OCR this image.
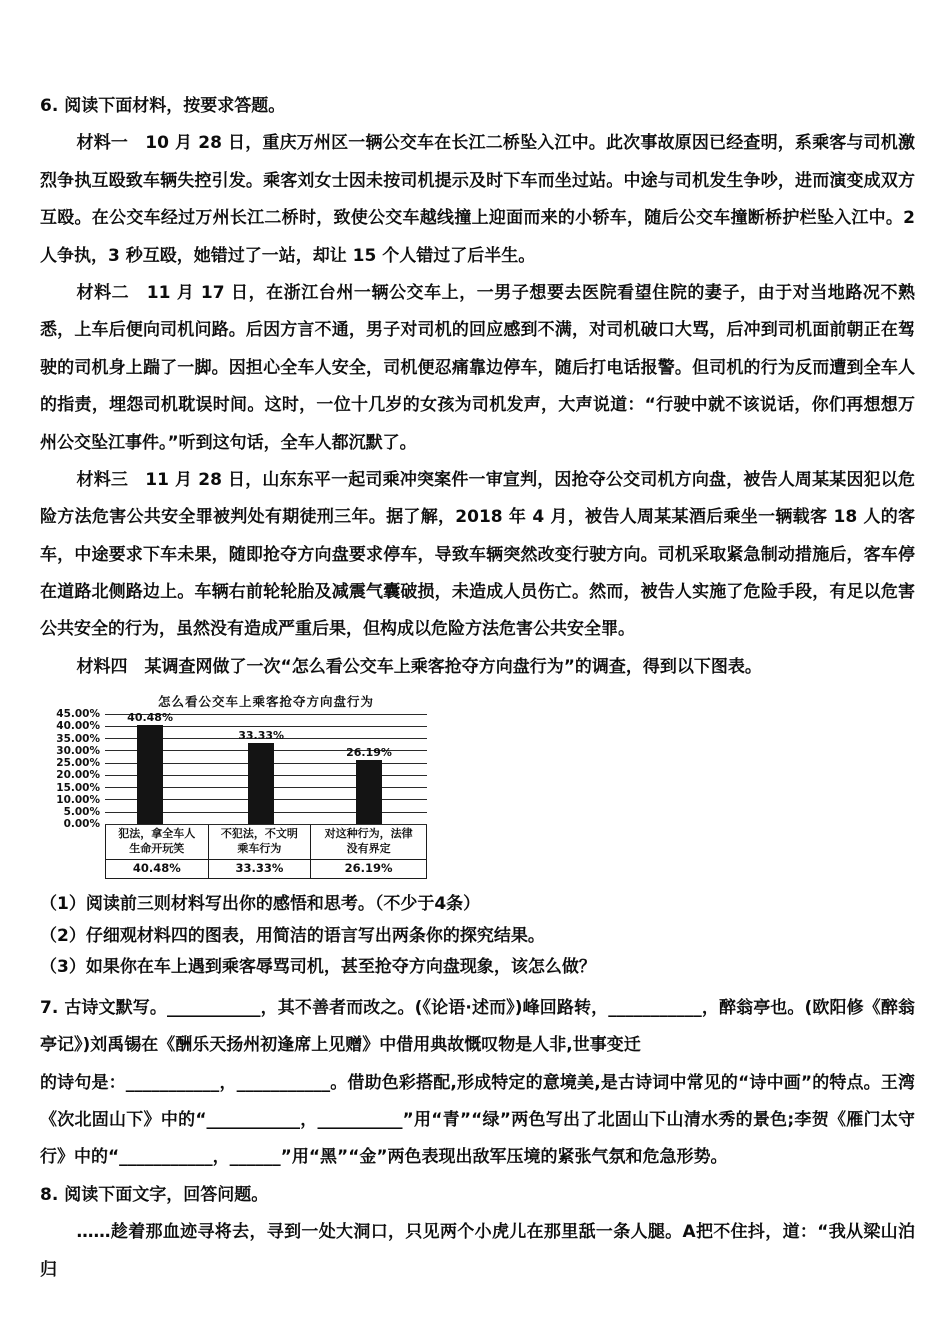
6. 阅读下面材料，按要求答题。

材料一　10 月 28 日，重庆万州区一辆公交车在长江二桥坠入江中。此次事故原因已经查明，系乘客与司机激烈争执互殴致车辆失控引发。乘客刘女士因未按司机提示及时下车而坐过站。中途与司机发生争吵，进而演变成双方互殴。在公交车经过万州长江二桥时，致使公交车越线撞上迎面而来的小轿车，随后公交车撞断桥护栏坠入江中。2 人争执，3 秒互殴，她错过了一站，却让 15 个人错过了后半生。

材料二　11 月 17 日，在浙江台州一辆公交车上，一男子想要去医院看望住院的妻子，由于对当地路况不熟悉，上车后便向司机问路。后因方言不通，男子对司机的回应感到不满，对司机破口大骂，后冲到司机面前朝正在驾驶的司机身上踹了一脚。因担心全车人安全，司机便忍痛靠边停车，随后打电话报警。但司机的行为反而遭到全车人的指责，埋怨司机耽误时间。这时，一位十几岁的女孩为司机发声，大声说道：“行驶中就不该说话，你们再想想万州公交坠江事件。”听到这句话，全车人都沉默了。

材料三　11 月 28 日，山东东平一起司乘冲突案件一审宣判，因抢夺公交司机方向盘，被告人周某某因犯以危险方法危害公共安全罪被判处有期徒刑三年。据了解，2018 年 4 月，被告人周某某酒后乘坐一辆载客 18 人的客车，中途要求下车未果，随即抢夺方向盘要求停车，导致车辆突然改变行驶方向。司机采取紧急制动措施后，客车停在道路北侧路边上。车辆右前轮轮胎及减震气囊破损，未造成人员伤亡。然而，被告人实施了危险手段，有足以危害公共安全的行为，虽然没有造成严重后果，但构成以危险方法危害公共安全罪。

材料四　某调查网做了一次“怎么看公交车上乘客抢夺方向盘行为”的调查，得到以下图表。

怎么看公交车上乘客抢夺方向盘行为
45.00%
40.00%
35.00%
30.00%
25.00%
20.00%
15.00%
10.00%
5.00%
0.00%
40.48%
33.33%
26.19%
犯法，拿全车人
生命开玩笑

不犯法，不文明
乘车行为

对这种行为，法律
没有界定

40.48%	33.33%	26.19%
（1）阅读前三则材料写出你的感悟和思考。（不少于4条）
（2）仔细观材料四的图表，用简洁的语言写出两条你的探究结果。
（3）如果你在车上遇到乘客辱骂司机，甚至抢夺方向盘现象，该怎么做？

7. 古诗文默写。___________，其不善者而改之。(《论语·述而》)峰回路转，___________，醉翁亭也。(欧阳修《醉翁亭记》)刘禹锡在《酬乐天扬州初逢席上见赠》中借用典故慨叹物是人非,世事变迁

的诗句是：___________，___________。借助色彩搭配,形成特定的意境美,是古诗词中常见的“诗中画”的特点。王湾《次北固山下》中的“___________，__________”用“青”“绿”两色写出了北固山下山清水秀的景色;李贺《雁门太守行》中的“___________，______”用“黑”“金”两色表现出敌军压境的紧张气氛和危急形势。

8. 阅读下面文字，回答问题。

……趁着那血迹寻将去，寻到一处大洞口，只见两个小虎儿在那里舐一条人腿。A把不住抖，道：“我从梁山泊归
